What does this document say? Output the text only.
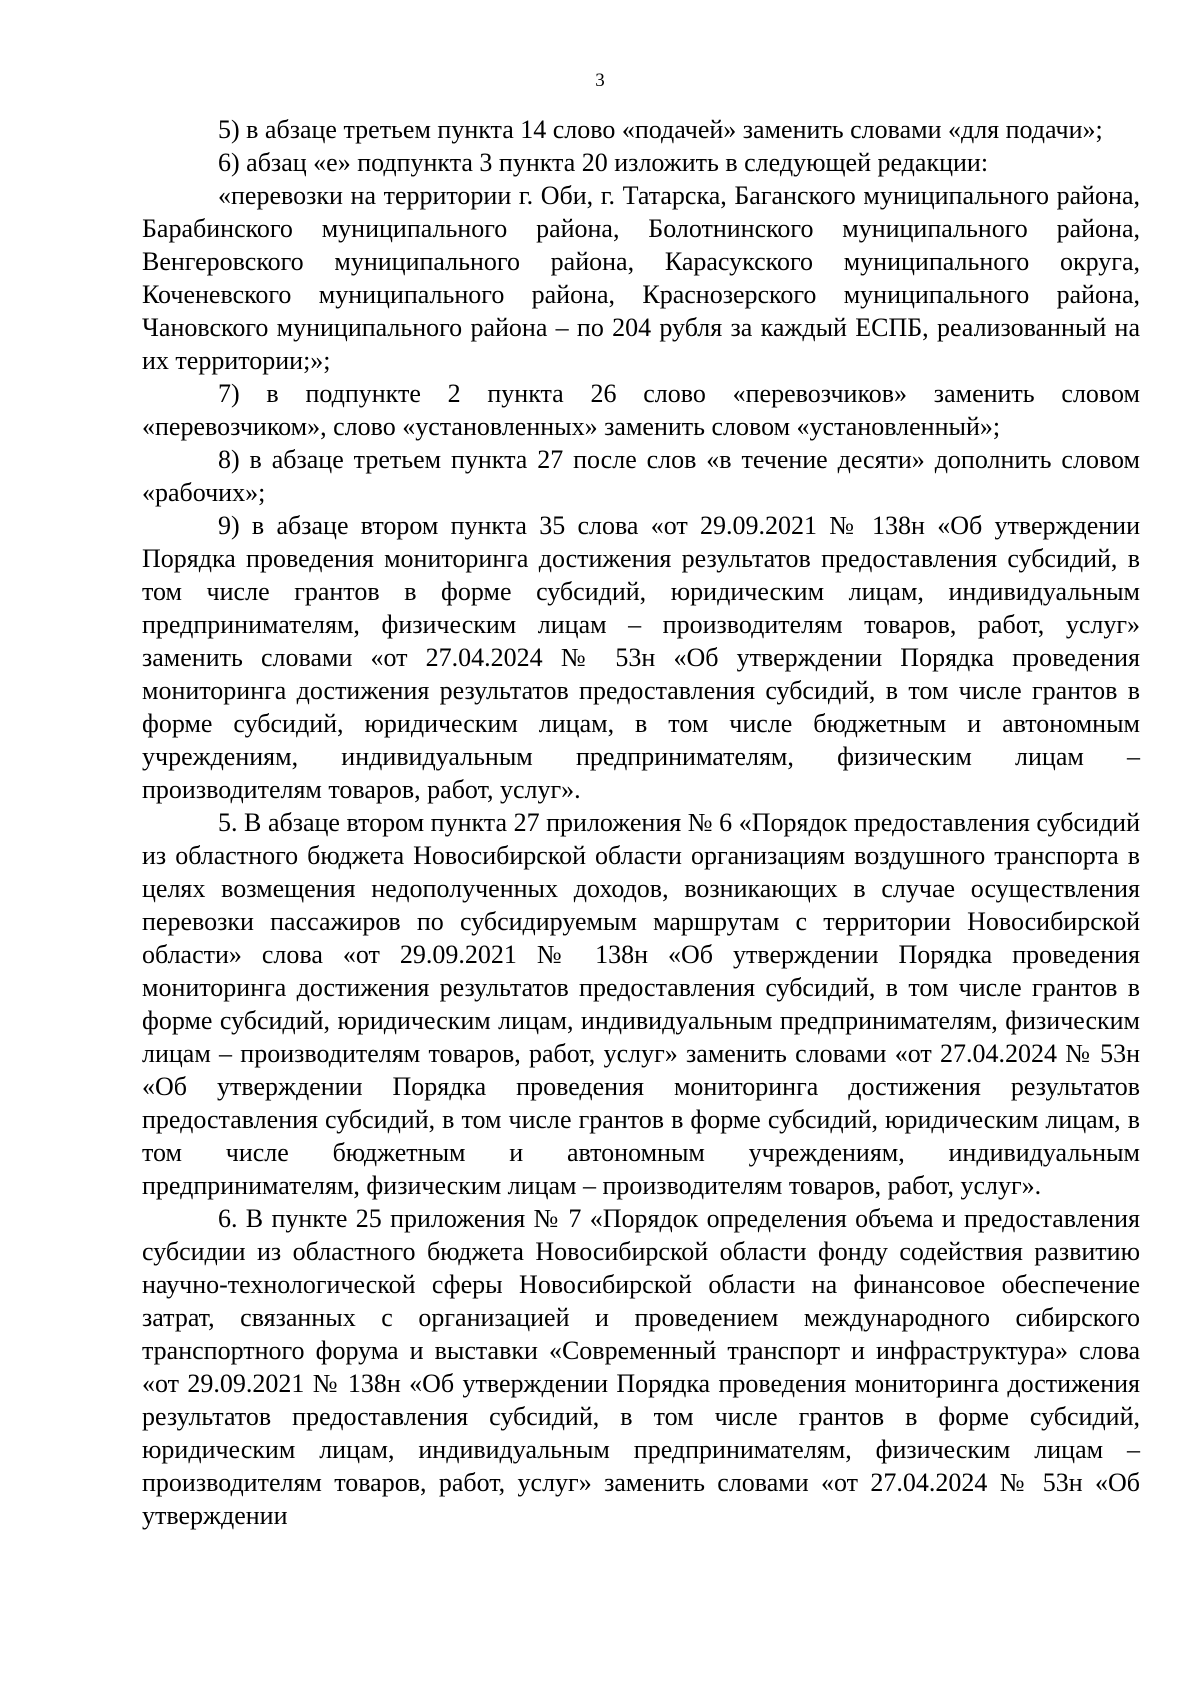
3

5) в абзаце третьем пункта 14 слово «подачей» заменить словами «для подачи»;

6) абзац «е» подпункта 3 пункта 20 изложить в следующей редакции:

«перевозки на территории г. Оби, г. Татарска, Баганского муниципального района, Барабинского муниципального района, Болотнинского муниципального района, Венгеровского муниципального района, Карасукского муниципального округа, Коченевского муниципального района, Краснозерского муниципального района, Чановского муниципального района – по 204 рубля за каждый ЕСПБ, реализованный на их территории;»;

7) в подпункте 2 пункта 26 слово «перевозчиков» заменить словом «перевозчиком», слово «установленных» заменить словом «установленный»;

8) в абзаце третьем пункта 27 после слов «в течение десяти» дополнить словом «рабочих»;

9) в абзаце втором пункта 35 слова «от 29.09.2021 № 138н «Об утверждении Порядка проведения мониторинга достижения результатов предоставления субсидий, в том числе грантов в форме субсидий, юридическим лицам, индивидуальным предпринимателям, физическим лицам – производителям товаров, работ, услуг» заменить словами «от 27.04.2024 № 53н «Об утверждении Порядка проведения мониторинга достижения результатов предоставления субсидий, в том числе грантов в форме субсидий, юридическим лицам, в том числе бюджетным и автономным учреждениям, индивидуальным предпринимателям, физическим лицам – производителям товаров, работ, услуг».

5. В абзаце втором пункта 27 приложения № 6 «Порядок предоставления субсидий из областного бюджета Новосибирской области организациям воздушного транспорта в целях возмещения недополученных доходов, возникающих в случае осуществления перевозки пассажиров по субсидируемым маршрутам с территории Новосибирской области» слова «от 29.09.2021 № 138н «Об утверждении Порядка проведения мониторинга достижения результатов предоставления субсидий, в том числе грантов в форме субсидий, юридическим лицам, индивидуальным предпринимателям, физическим лицам – производителям товаров, работ, услуг» заменить словами «от 27.04.2024 № 53н «Об утверждении Порядка проведения мониторинга достижения результатов предоставления субсидий, в том числе грантов в форме субсидий, юридическим лицам, в том числе бюджетным и автономным учреждениям, индивидуальным предпринимателям, физическим лицам – производителям товаров, работ, услуг».

6. В пункте 25 приложения № 7 «Порядок определения объема и предоставления субсидии из областного бюджета Новосибирской области фонду содействия развитию научно-технологической сферы Новосибирской области на финансовое обеспечение затрат, связанных с организацией и проведением международного сибирского транспортного форума и выставки «Современный транспорт и инфраструктура» слова «от 29.09.2021 № 138н «Об утверждении Порядка проведения мониторинга достижения результатов предоставления субсидий, в том числе грантов в форме субсидий, юридическим лицам, индивидуальным предпринимателям, физическим лицам – производителям товаров, работ, услуг» заменить словами «от 27.04.2024 № 53н «Об утверждении
